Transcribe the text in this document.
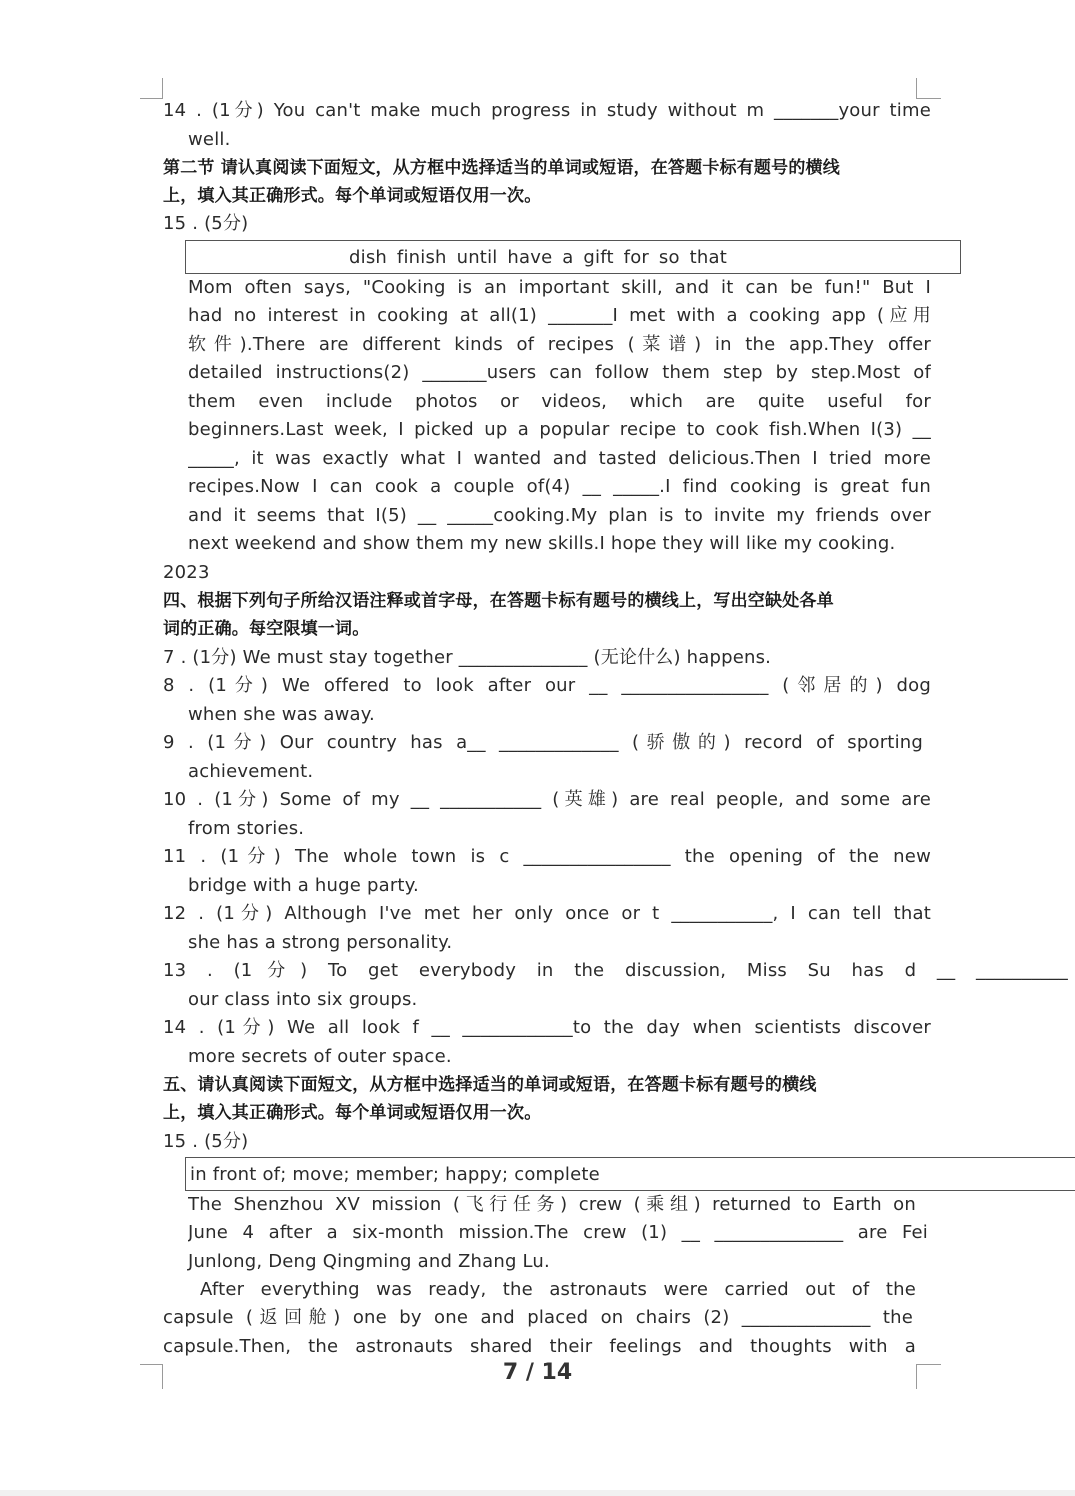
14 . (1分) You can't make much progress in study without m _______your time
well.
第二节 请认真阅读下面短文，从方框中选择适当的单词或短语，在答题卡标有题号的横线
上，填入其正确形式。每个单词或短语仅用一次。
15 . (5分)
dish finish until have a gift for so that
Mom often says, "Cooking is an important skill, and it can be fun!" But I
had no interest in cooking at all(1) _______I met with a cooking app (应用
软件).There are different kinds of recipes (菜谱) in the app.They offer
detailed instructions(2) _______users can follow them step by step.Most of
them even include photos or videos, which are quite useful for
beginners.Last week, I picked up a popular recipe to cook fish.When I(3) __
_____, it was exactly what I wanted and tasted delicious.Then I tried more
recipes.Now I can cook a couple of(4) __ _____.I find cooking is great fun
and it seems that I(5) __ _____cooking.My plan is to invite my friends over
next weekend and show them my new skills.I hope they will like my cooking.
2023
四、根据下列句子所给汉语注释或首字母，在答题卡标有题号的横线上，写出空缺处各单
词的正确。每空限填一词。
7 . (1分) We must stay together ______________ (无论什么) happens.
8 . (1分) We offered to look after our __ ________________ (邻居的) dog
when she was away.
9 . (1分) Our country has a__ _____________ (骄傲的) record of sporting
achievement.
10 . (1分) Some of my __ ___________ (英雄) are real people, and some are
from stories.
11 . (1分) The whole town is c ________________ the opening of the new
bridge with a huge party.
12 . (1分) Although I've met her only once or t ___________, I can tell that
she has a strong personality.
13 . (1分) To get everybody in the discussion, Miss Su has d __ __________
our class into six groups.
14 . (1分) We all look f __ ____________to the day when scientists discover
more secrets of outer space.
五、请认真阅读下面短文，从方框中选择适当的单词或短语，在答题卡标有题号的横线
上，填入其正确形式。每个单词或短语仅用一次。
15 . (5分)
in front of; move; member; happy; complete
The Shenzhou XV mission (飞行任务) crew (乘组) returned to Earth on
June 4 after a six-month mission.The crew (1) __ ______________ are Fei
Junlong, Deng Qingming and Zhang Lu.
After everything was ready, the astronauts were carried out of the
capsule (返回舱) one by one and placed on chairs (2) ______________ the
capsule.Then, the astronauts shared their feelings and thoughts with a
7 / 14
